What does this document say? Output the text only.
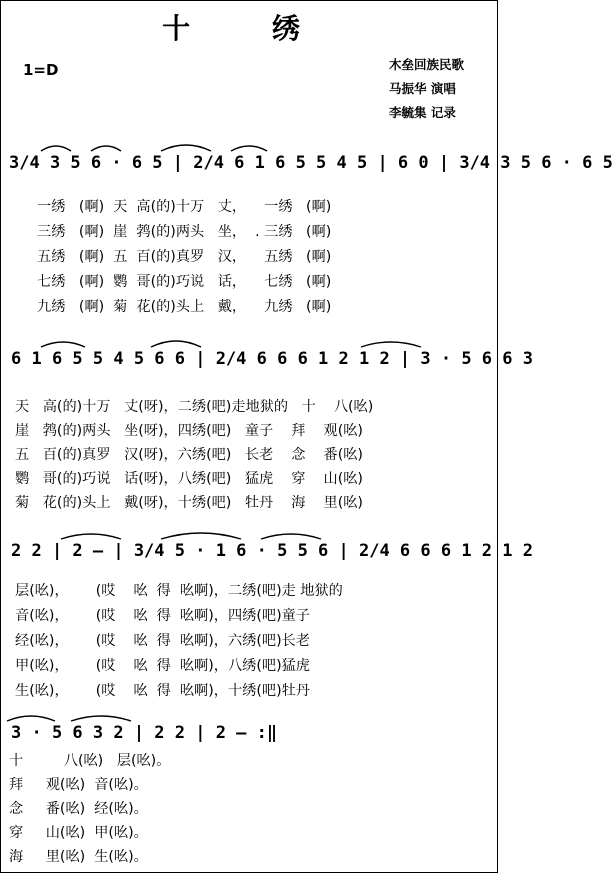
十 绣
1=D	木垒回族民歌
马振华 演唱
李毓集 记录
3/4 3 5 6 · 6 5 | 2/4 6 1 6 5 5 4 5 | 6 0 | 3/4 3 5 6 · 6 5
一绣   (啊)  天  高(的)十万   丈，    一绣   (啊)
三绣   (啊)  崖  鹁(的)两头   坐，  . 三绣   (啊)
五绣   (啊)  五  百(的)真罗   汉，    五绣   (啊)
七绣   (啊)  鹦  哥(的)巧说   话，    七绣   (啊)
九绣   (啊)  菊  花(的)头上   戴，    九绣   (啊)
6 1 6 5 5 4 5 6 6 | 2/4 6 6 6 1 2 1 2 | 3 · 5 6 6 3
天   高(的)十万   丈(呀)，二绣(吧)走地狱的   十    八(吆)
崖   鹁(的)两头   坐(呀)，四绣(吧)   童子    拜    观(吆)
五   百(的)真罗   汉(呀)，六绣(吧)   长老    念    番(吆)
鹦   哥(的)巧说   话(呀)，八绣(吧)   猛虎    穿    山(吆)
菊   花(的)头上   戴(呀)，十绣(吧)   牡丹    海    里(吆)
2 2 | 2 — | 3/4 5 · 1 6 · 5 5 6 | 2/4 6 6 6 1 2 1 2
层(吆)，      (哎    吆  得  吆啊)，二绣(吧)走 地狱的
音(吆)，      (哎    吆  得  吆啊)，四绣(吧)童子
经(吆)，      (哎    吆  得  吆啊)，六绣(吧)长老
甲(吆)，      (哎    吆  得  吆啊)，八绣(吧)猛虎
生(吆)，      (哎    吆  得  吆啊)，十绣(吧)牡丹
3 · 5 6 3 2 | 2 2 | 2 — :‖
十         八(吆)   层(吆)。
拜     观(吆)  音(吆)。
念     番(吆)  经(吆)。
穿     山(吆)  甲(吆)。
海     里(吆)  生(吆)。
